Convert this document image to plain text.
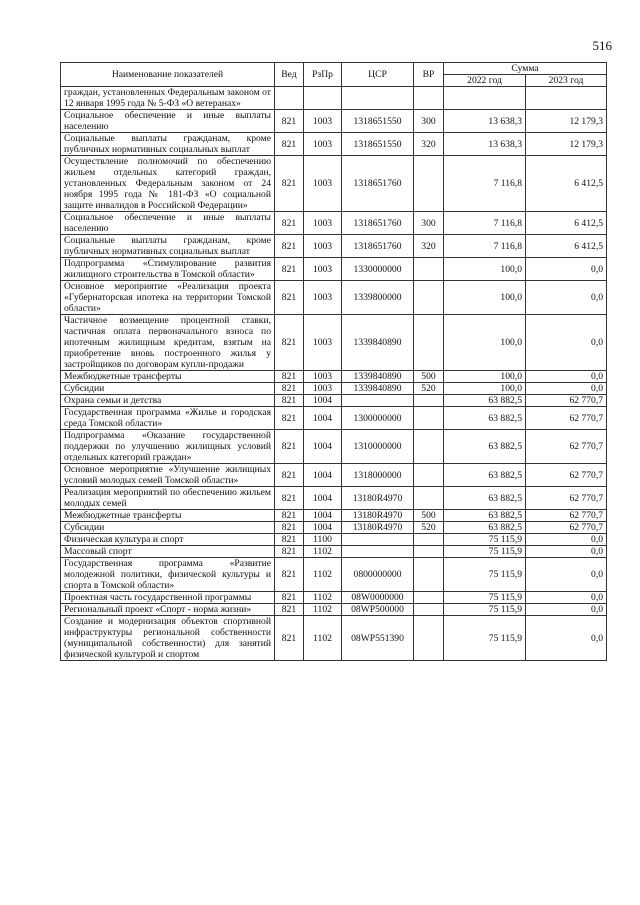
516
Наименование показателей	Вед	РзПр	ЦСР	ВР	Сумма	
					2022 год	2023 год
граждан, установленных Федеральным законом от 12 января 1995 года № 5-ФЗ «О ветеранах»						
Социальное обеспечение и иные выплаты населению	821	1003	1318651550	300	13 638,3	12 179,3
Социальные выплаты гражданам, кроме публичных нормативных социальных выплат	821	1003	1318651550	320	13 638,3	12 179,3
Осуществление полномочий по обеспечению жильем отдельных категорий граждан, установленных Федеральным законом от 24 ноября 1995 года № 181-ФЗ «О социальной защите инвалидов в Российской Федерации»	821	1003	1318651760		7 116,8	6 412,5
Социальное обеспечение и иные выплаты населению	821	1003	1318651760	300	7 116,8	6 412,5
Социальные выплаты гражданам, кроме публичных нормативных социальных выплат	821	1003	1318651760	320	7 116,8	6 412,5
Подпрограмма «Стимулирование развития жилищного строительства в Томской области»	821	1003	1330000000		100,0	0,0
Основное мероприятие «Реализация проекта «Губернаторская ипотека на территории Томской области»	821	1003	1339800000		100,0	0,0
Частичное возмещение процентной ставки, частичная оплата первоначального взноса по ипотечным жилищным кредитам, взятым на приобретение вновь построенного жилья у застройщиков по договорам купли-продажи	821	1003	1339840890		100,0	0,0
Межбюджетные трансферты	821	1003	1339840890	500	100,0	0,0
Субсидии	821	1003	1339840890	520	100,0	0,0
Охрана семьи и детства	821	1004			63 882,5	62 770,7
Государственная программа «Жилье и городская среда Томской области»	821	1004	1300000000		63 882,5	62 770,7
Подпрограмма «Оказание государственной поддержки по улучшению жилищных условий отдельных категорий граждан»	821	1004	1310000000		63 882,5	62 770,7
Основное мероприятие «Улучшение жилищных условий молодых семей Томской области»	821	1004	1318000000		63 882,5	62 770,7
Реализация мероприятий по обеспечению жильем молодых семей	821	1004	13180R4970		63 882,5	62 770,7
Межбюджетные трансферты	821	1004	13180R4970	500	63 882,5	62 770,7
Субсидии	821	1004	13180R4970	520	63 882,5	62 770,7
Физическая культура и спорт	821	1100			75 115,9	0,0
Массовый спорт	821	1102			75 115,9	0,0
Государственная программа «Развитие молодежной политики, физической культуры и спорта в Томской области»	821	1102	0800000000		75 115,9	0,0
Проектная часть государственной программы	821	1102	08W0000000		75 115,9	0,0
Региональный проект «Спорт - норма жизни»	821	1102	08WP500000		75 115,9	0,0
Создание и модернизация объектов спортивной инфраструктуры региональной собственности (муниципальной собственности) для занятий физической культурой и спортом	821	1102	08WP551390		75 115,9	0,0
